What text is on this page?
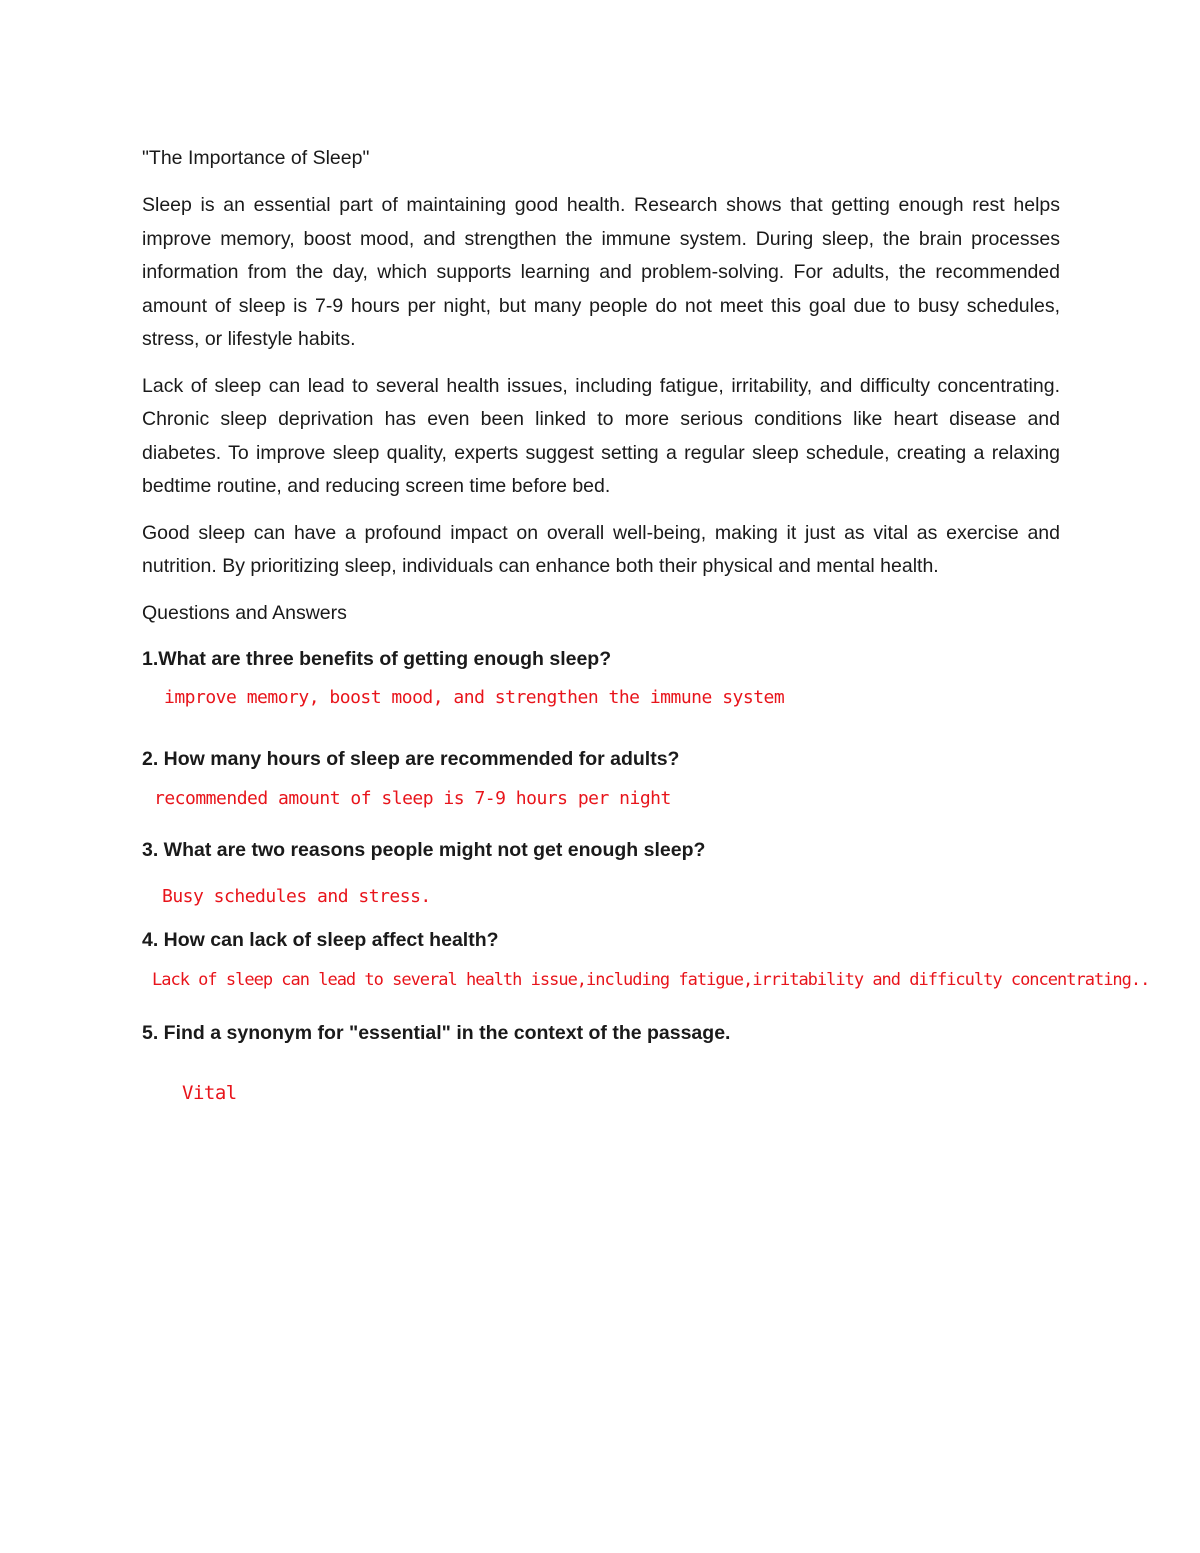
"The Importance of Sleep"

Sleep is an essential part of maintaining good health. Research shows that getting enough rest helps improve memory, boost mood, and strengthen the immune system. During sleep, the brain processes information from the day, which supports learning and problem-solving. For adults, the recommended amount of sleep is 7-9 hours per night, but many people do not meet this goal due to busy schedules, stress, or lifestyle habits.

Lack of sleep can lead to several health issues, including fatigue, irritability, and difficulty concentrating. Chronic sleep deprivation has even been linked to more serious conditions like heart disease and diabetes. To improve sleep quality, experts suggest setting a regular sleep schedule, creating a relaxing bedtime routine, and reducing screen time before bed.

Good sleep can have a profound impact on overall well-being, making it just as vital as exercise and nutrition. By prioritizing sleep, individuals can enhance both their physical and mental health.

Questions and Answers

1.What are three benefits of getting enough sleep?

improve memory, boost mood, and strengthen the immune system

2. How many hours of sleep are recommended for adults?

recommended amount of sleep is 7-9 hours per night

3. What are two reasons people might not get enough sleep?

Busy schedules and stress.

4. How can lack of sleep affect health?

Lack of sleep can lead to several health issue,including fatigue,irritability and difficulty concentrating..

5. Find a synonym for "essential" in the context of the passage.

Vital
